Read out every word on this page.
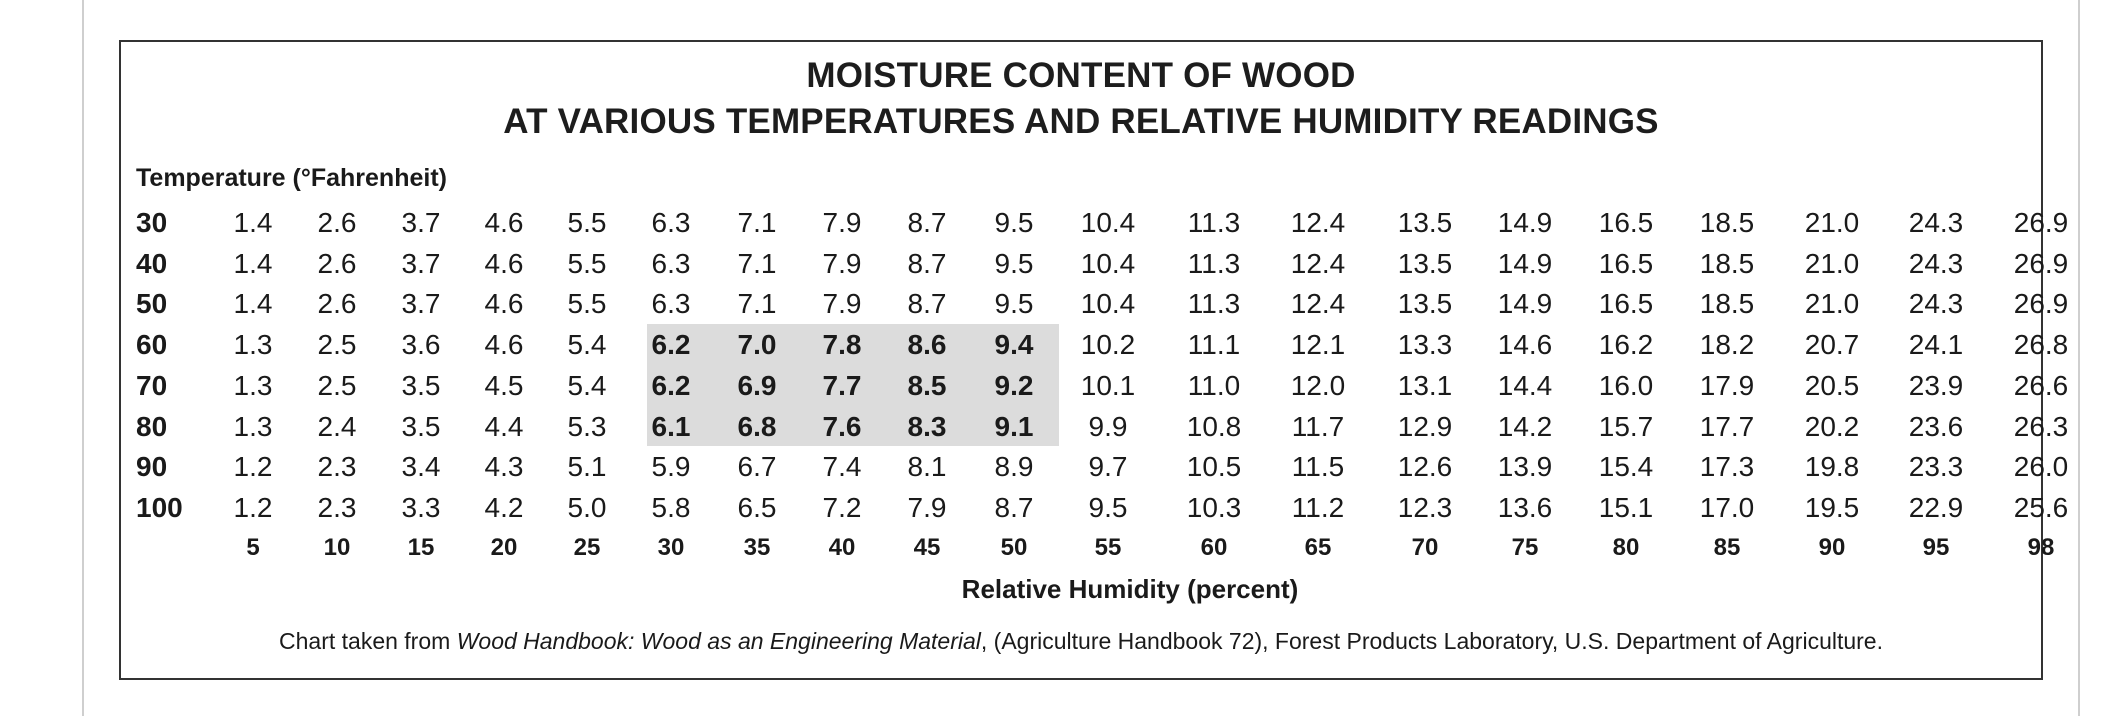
MOISTURE CONTENT OF WOOD
AT VARIOUS TEMPERATURES AND RELATIVE HUMIDITY READINGS
Temperature (°Fahrenheit)
30	1.4	2.6	3.7	4.6	5.5	6.3	7.1	7.9	8.7	9.5	10.4	11.3	12.4	13.5	14.9	16.5	18.5	21.0	24.3	26.9
40	1.4	2.6	3.7	4.6	5.5	6.3	7.1	7.9	8.7	9.5	10.4	11.3	12.4	13.5	14.9	16.5	18.5	21.0	24.3	26.9
50	1.4	2.6	3.7	4.6	5.5	6.3	7.1	7.9	8.7	9.5	10.4	11.3	12.4	13.5	14.9	16.5	18.5	21.0	24.3	26.9
60	1.3	2.5	3.6	4.6	5.4	6.2	7.0	7.8	8.6	9.4	10.2	11.1	12.1	13.3	14.6	16.2	18.2	20.7	24.1	26.8
70	1.3	2.5	3.5	4.5	5.4	6.2	6.9	7.7	8.5	9.2	10.1	11.0	12.0	13.1	14.4	16.0	17.9	20.5	23.9	26.6
80	1.3	2.4	3.5	4.4	5.3	6.1	6.8	7.6	8.3	9.1	9.9	10.8	11.7	12.9	14.2	15.7	17.7	20.2	23.6	26.3
90	1.2	2.3	3.4	4.3	5.1	5.9	6.7	7.4	8.1	8.9	9.7	10.5	11.5	12.6	13.9	15.4	17.3	19.8	23.3	26.0
100	1.2	2.3	3.3	4.2	5.0	5.8	6.5	7.2	7.9	8.7	9.5	10.3	11.2	12.3	13.6	15.1	17.0	19.5	22.9	25.6
5	10	15	20	25	30	35	40	45	50	55	60	65	70	75	80	85	90	95	98
Relative Humidity (percent)
Chart taken from Wood Handbook: Wood as an Engineering Material, (Agriculture Handbook 72), Forest Products Laboratory, U.S. Department of Agriculture.
